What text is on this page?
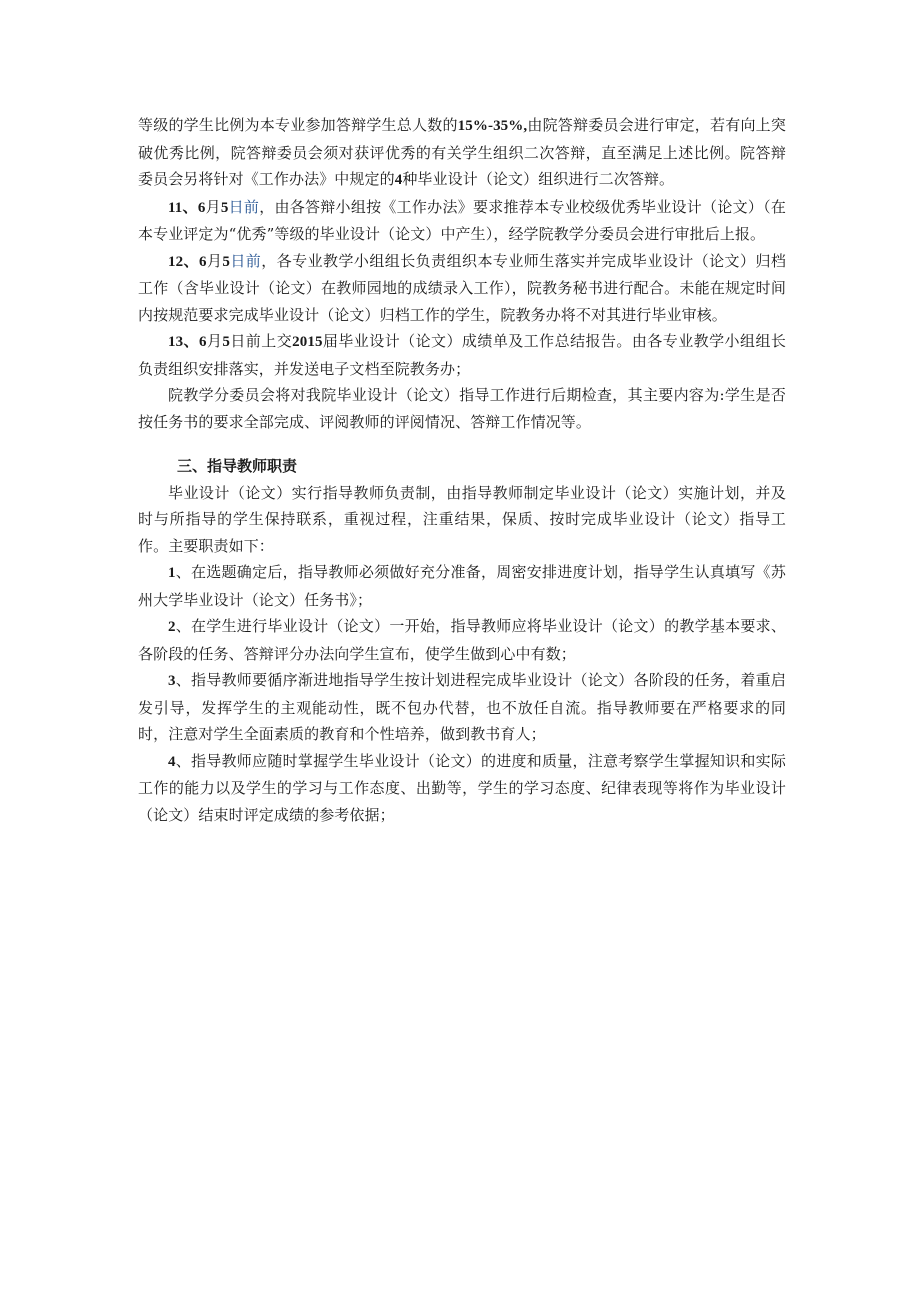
等级的学生比例为本专业参加答辩学生总人数的15%-35%,由院答辩委员会进行审定，若有向上突破优秀比例，院答辩委员会须对获评优秀的有关学生组织二次答辩，直至满足上述比例。院答辩委员会另将针对《工作办法》中规定的4种毕业设计（论文）组织进行二次答辩。

11、6月5日前，由各答辩小组按《工作办法》要求推荐本专业校级优秀毕业设计（论文）（在本专业评定为“优秀”等级的毕业设计（论文）中产生），经学院教学分委员会进行审批后上报。

12、6月5日前，各专业教学小组组长负责组织本专业师生落实并完成毕业设计（论文）归档工作（含毕业设计（论文）在教师园地的成绩录入工作），院教务秘书进行配合。未能在规定时间内按规范要求完成毕业设计（论文）归档工作的学生，院教务办将不对其进行毕业审核。

13、6月5日前上交2015届毕业设计（论文）成绩单及工作总结报告。由各专业教学小组组长负责组织安排落实，并发送电子文档至院教务办；

院教学分委员会将对我院毕业设计（论文）指导工作进行后期检查，其主要内容为:学生是否按任务书的要求全部完成、评阅教师的评阅情况、答辩工作情况等。

三、指导教师职责

毕业设计（论文）实行指导教师负责制，由指导教师制定毕业设计（论文）实施计划，并及时与所指导的学生保持联系，重视过程，注重结果，保质、按时完成毕业设计（论文）指导工作。主要职责如下：

1、在选题确定后，指导教师必须做好充分准备，周密安排进度计划，指导学生认真填写《苏州大学毕业设计（论文）任务书》；

2、在学生进行毕业设计（论文）一开始，指导教师应将毕业设计（论文）的教学基本要求、各阶段的任务、答辩评分办法向学生宣布，使学生做到心中有数；

3、指导教师要循序渐进地指导学生按计划进程完成毕业设计（论文）各阶段的任务，着重启发引导，发挥学生的主观能动性，既不包办代替，也不放任自流。指导教师要在严格要求的同时，注意对学生全面素质的教育和个性培养，做到教书育人；

4、指导教师应随时掌握学生毕业设计（论文）的进度和质量，注意考察学生掌握知识和实际工作的能力以及学生的学习与工作态度、出勤等，学生的学习态度、纪律表现等将作为毕业设计（论文）结束时评定成绩的参考依据；
